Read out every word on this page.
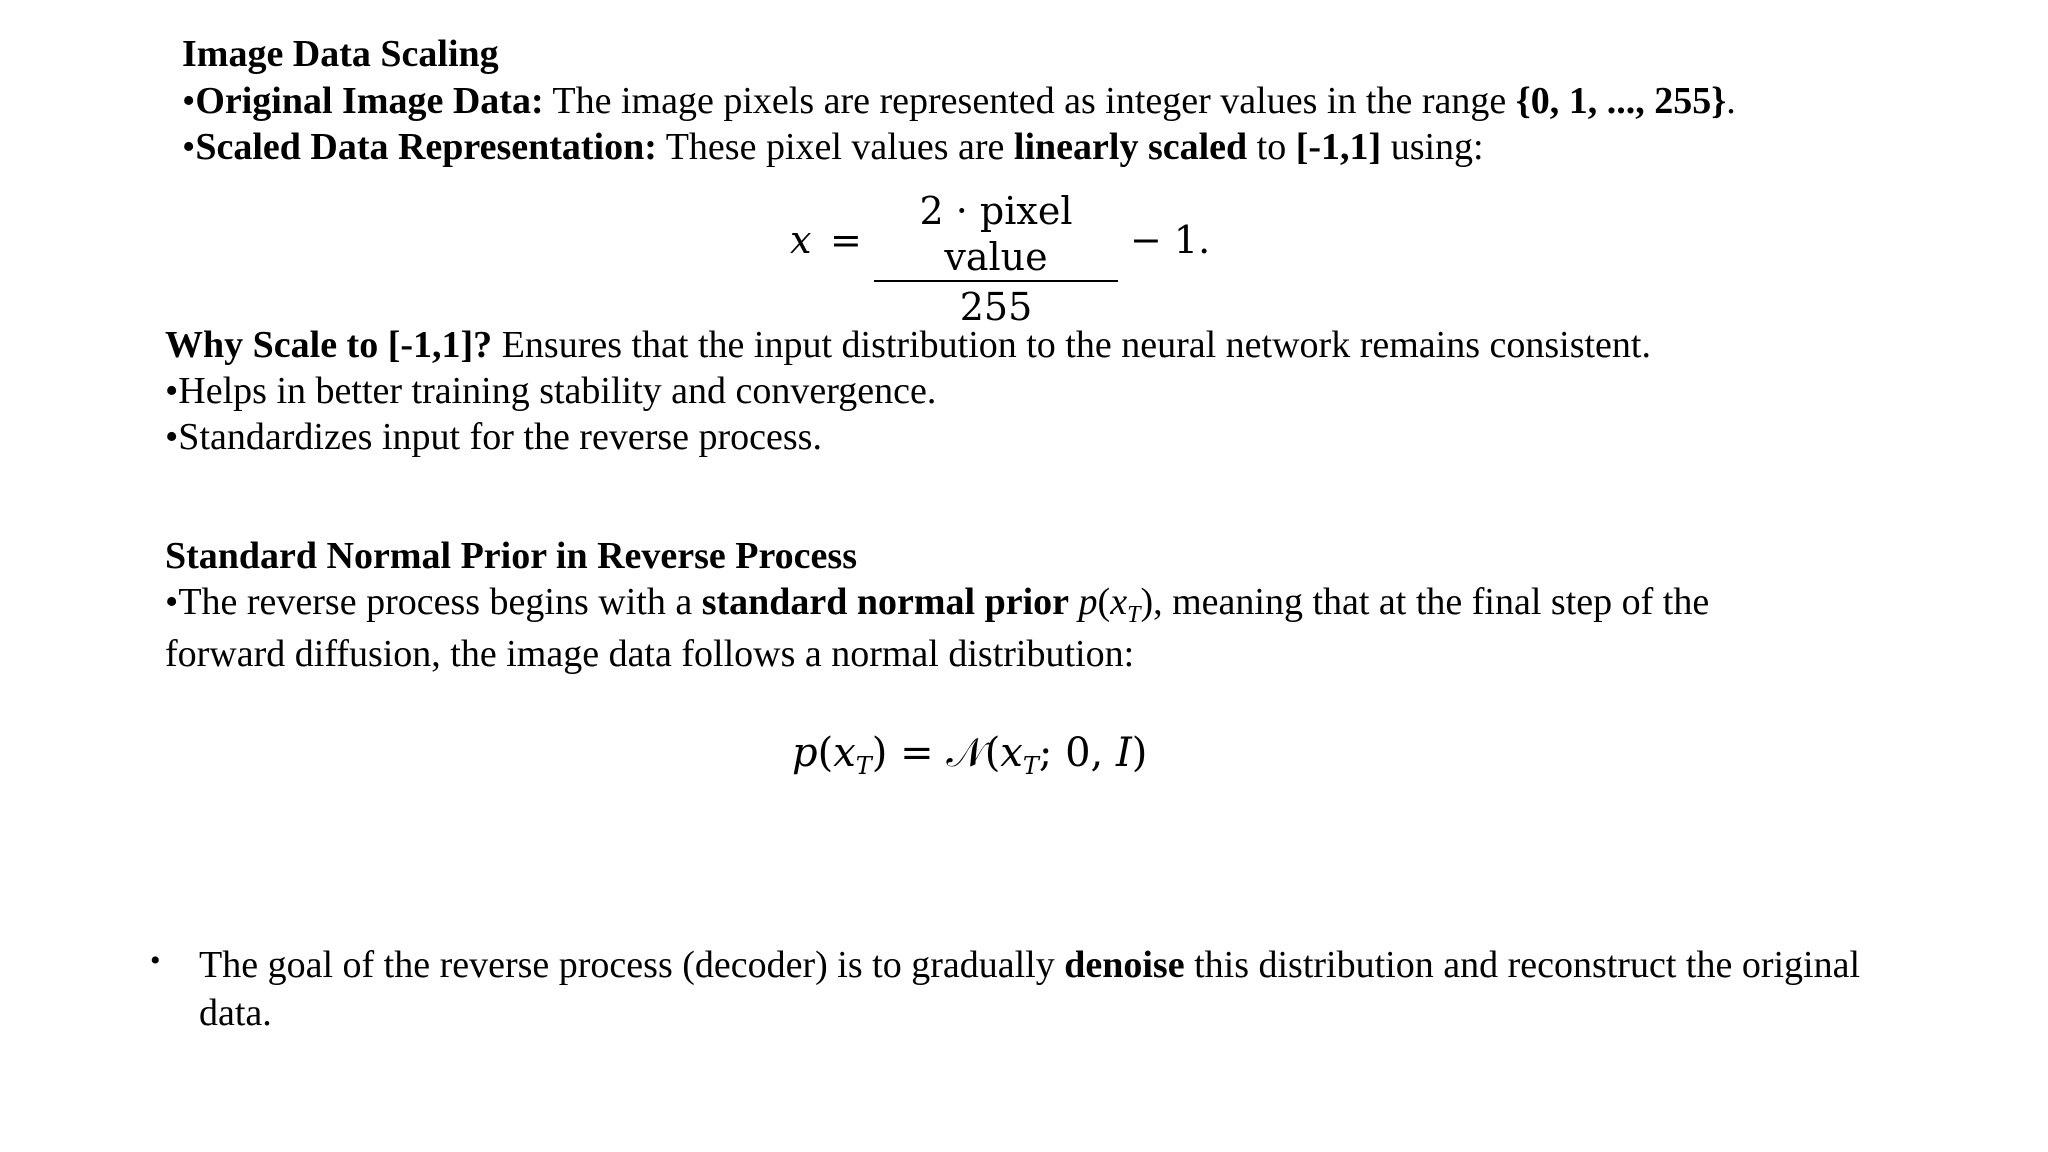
Image Data Scaling
•Original Image Data: The image pixels are represented as integer values in the range {0, 1, ..., 255}.
•Scaled Data Representation: These pixel values are linearly scaled to [-1,1] using:
x =
2 · pixel value
255
− 1.
Why Scale to [-1,1]? Ensures that the input distribution to the neural network remains consistent.
•Helps in better training stability and convergence.
•Standardizes input for the reverse process.
Standard Normal Prior in Reverse Process
•The reverse process begins with a standard normal prior $p(x_T)$, meaning that at the final step of the
forward diffusion, the image data follows a normal distribution:
$p(x_T)$ = $𝒩(x_T$; 0, I)
• The goal of the reverse process (decoder) is to gradually denoise this distribution and reconstruct the original
data.
